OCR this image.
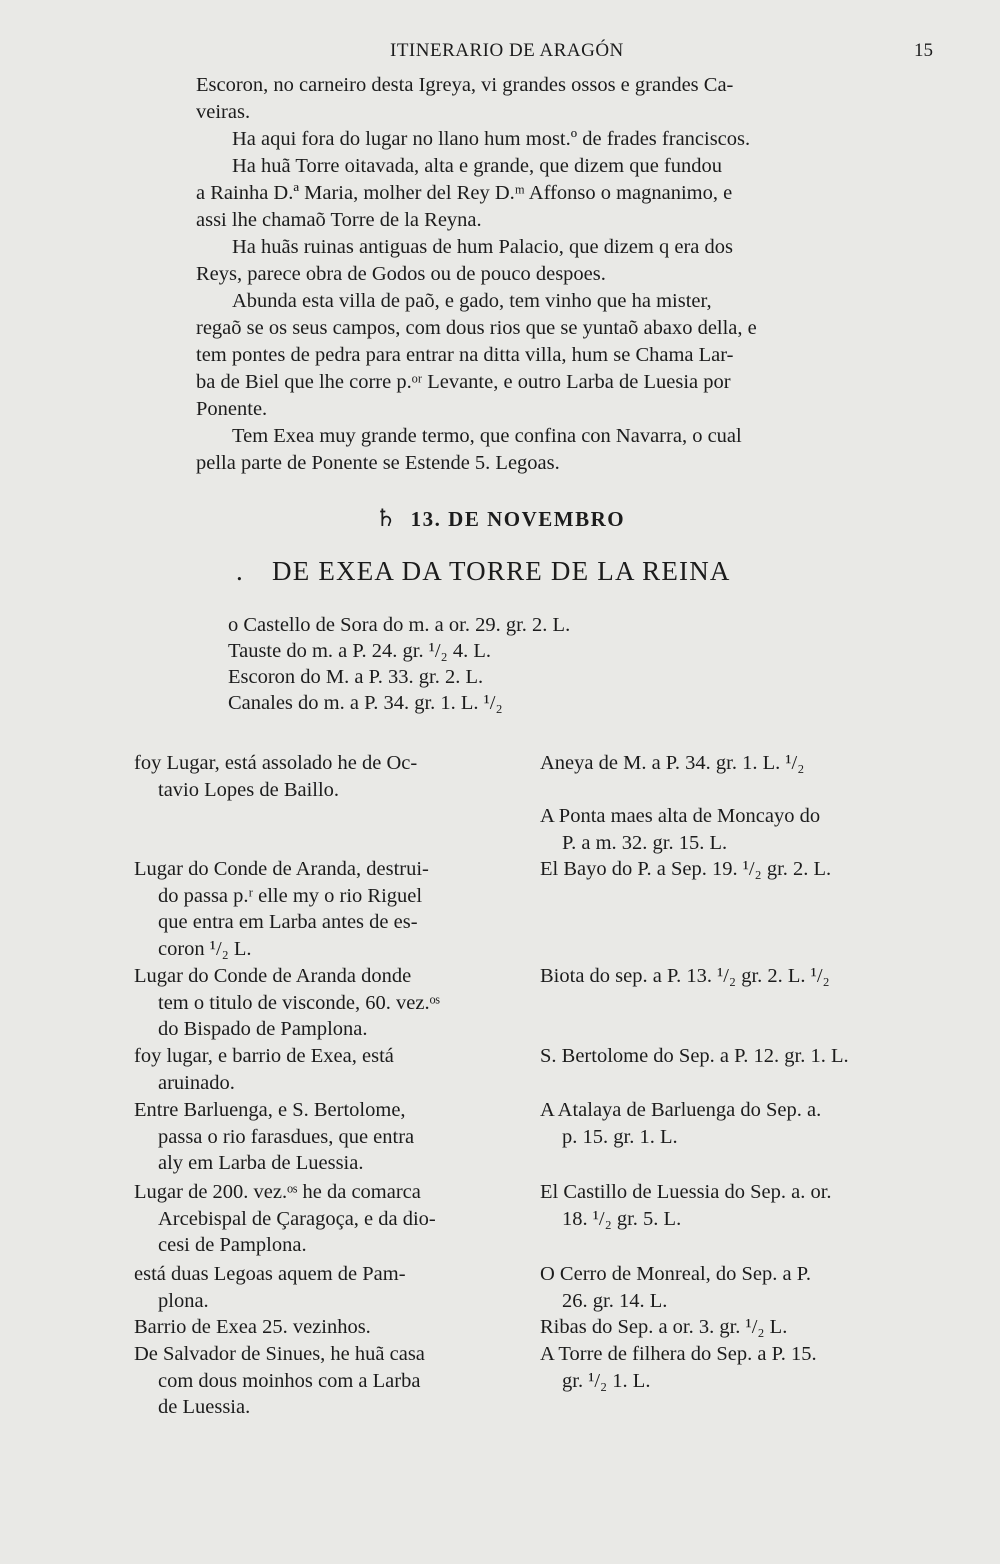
ITINERARIO DE ARAGÓN	15

Escoron, no carneiro desta Igreya, vi grandes ossos e grandes Ca-
veiras.

Ha aqui fora do lugar no llano hum most.º de frades franciscos.

Ha huã Torre oitavada, alta e grande, que dizem que fundou
a Rainha D.ª Maria, molher del Rey D.ᵐ Affonso o magnanimo, e
assi lhe chamaõ Torre de la Reyna.

Ha huãs ruinas antiguas de hum Palacio, que dizem q era dos
Reys, parece obra de Godos ou de pouco despoes.

Abunda esta villa de paõ, e gado, tem vinho que ha mister,
regaõ se os seus campos, com dous rios que se yuntaõ abaxo della, e
tem pontes de pedra para entrar na ditta villa, hum se Chama Lar-
ba de Biel que lhe corre p.ᵒʳ Levante, e outro Larba de Luesia por
Ponente.

Tem Exea muy grande termo, que confina con Navarra, o cual
pella parte de Ponente se Estende 5. Legoas.

♄ 13. DE NOVEMBRO
. DE EXEA DA TORRE DE LA REINA
o Castello de Sora do m. a or. 29. gr. 2. L.
Tauste do m. a P. 24. gr. ¹/₂ 4. L.
Escoron do M. a P. 33. gr. 2. L.
Canales do m. a P. 34. gr. 1. L. ¹/₂
foy Lugar, está assolado he de Oc-
tavio Lopes de Baillo.
Lugar do Conde de Aranda, destrui-
do passa p.ʳ elle my o rio Riguel
que entra em Larba antes de es-
coron ¹/₂ L.
Lugar do Conde de Aranda donde
tem o titulo de visconde, 60. vez.ᵒˢ
do Bispado de Pamplona.
foy lugar, e barrio de Exea, está
aruinado.
Entre Barluenga, e S. Bertolome,
passa o rio farasdues, que entra
aly em Larba de Luessia.
Lugar de 200. vez.ᵒˢ he da comarca
Arcebispal de Çaragoça, e da dio-
cesi de Pamplona.
está duas Legoas aquem de Pam-
plona.
Barrio de Exea 25. vezinhos.
De Salvador de Sinues, he huã casa
com dous moinhos com a Larba
de Luessia.
Aneya de M. a P. 34. gr. 1. L. ¹/₂
A Ponta maes alta de Moncayo do
P. a m. 32. gr. 15. L.
El Bayo do P. a Sep. 19. ¹/₂ gr. 2. L.
Biota do sep. a P. 13. ¹/₂ gr. 2. L. ¹/₂
S. Bertolome do Sep. a P. 12. gr. 1. L.
A Atalaya de Barluenga do Sep. a.
p. 15. gr. 1. L.
El Castillo de Luessia do Sep. a. or.
18. ¹/₂ gr. 5. L.
O Cerro de Monreal, do Sep. a P.
26. gr. 14. L.
Ribas do Sep. a or. 3. gr. ¹/₂ L.
A Torre de filhera do Sep. a P. 15.
gr. ¹/₂ 1. L.
